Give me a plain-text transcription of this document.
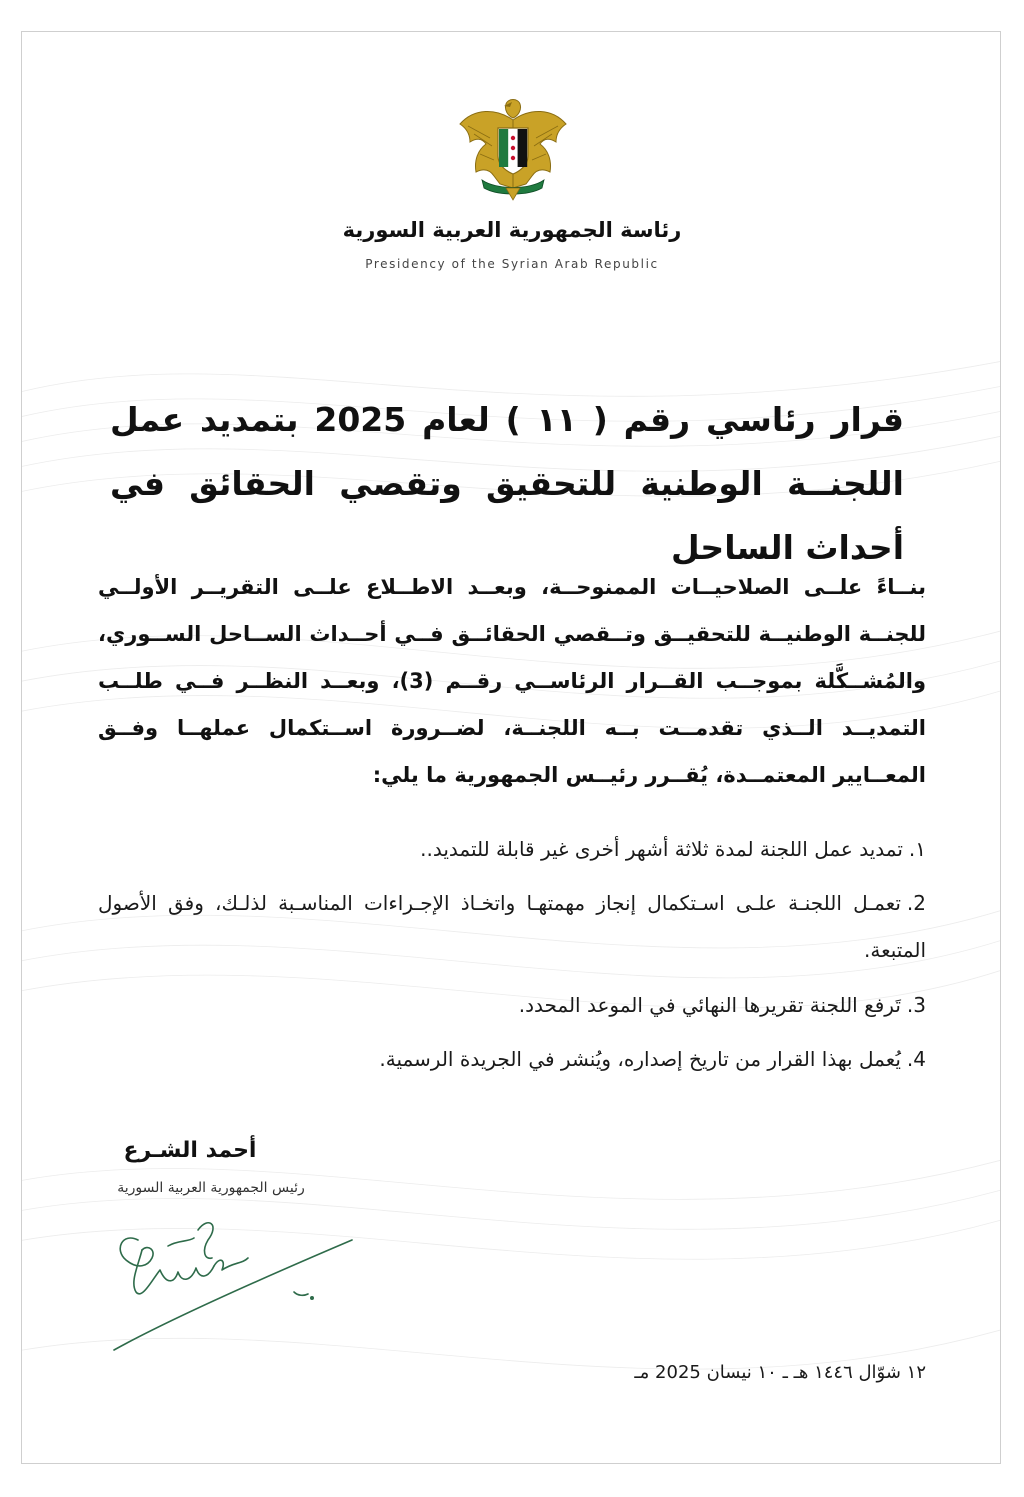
رئاسة الجمهورية العربية السورية
Presidency of the Syrian Arab Republic
قرار رئاسي رقم ( ١١ ) لعام 2025 بتمديد عمل اللجنــة الوطنية للتحقيق وتقصي الحقائق في أحداث الساحل
بنــاءً علــى الصلاحيــات الممنوحــة، وبعــد الاطــلاع علــى التقريــر الأولــي للجنــة الوطنيــة للتحقيــق وتــقصي الحقائــق فــي أحــداث الســاحل الســوري، والمُشــكَّلة بموجــب القــرار الرئاســي رقــم (3)، وبعــد النظــر فــي طلــب التمديــد الــذي تقدمــت بــه اللجنــة، لضــرورة اســتكمال عملهــا وفــق المعــايير المعتمــدة، يُقــرر رئيــس الجمهورية ما يلي:
١.تمديد عمل اللجنة لمدة ثلاثة أشهر أخرى غير قابلة للتمديد..
2.تعمـل اللجنـة علـى اسـتكمال إنجاز مهمتهـا واتخـاذ الإجـراءات المناسـبة لذلـك، وفق الأصول المتبعة.
3.تَرفع اللجنة تقريرها النهائي في الموعد المحدد.
4.يُعمل بهذا القرار من تاريخ إصداره، ويُنشر في الجريدة الرسمية.
أحمد الشـرع
رئيس الجمهورية العربية السورية
١٢ شوّال ١٤٤٦ هـ ـ ١٠ نيسان 2025 مـ
